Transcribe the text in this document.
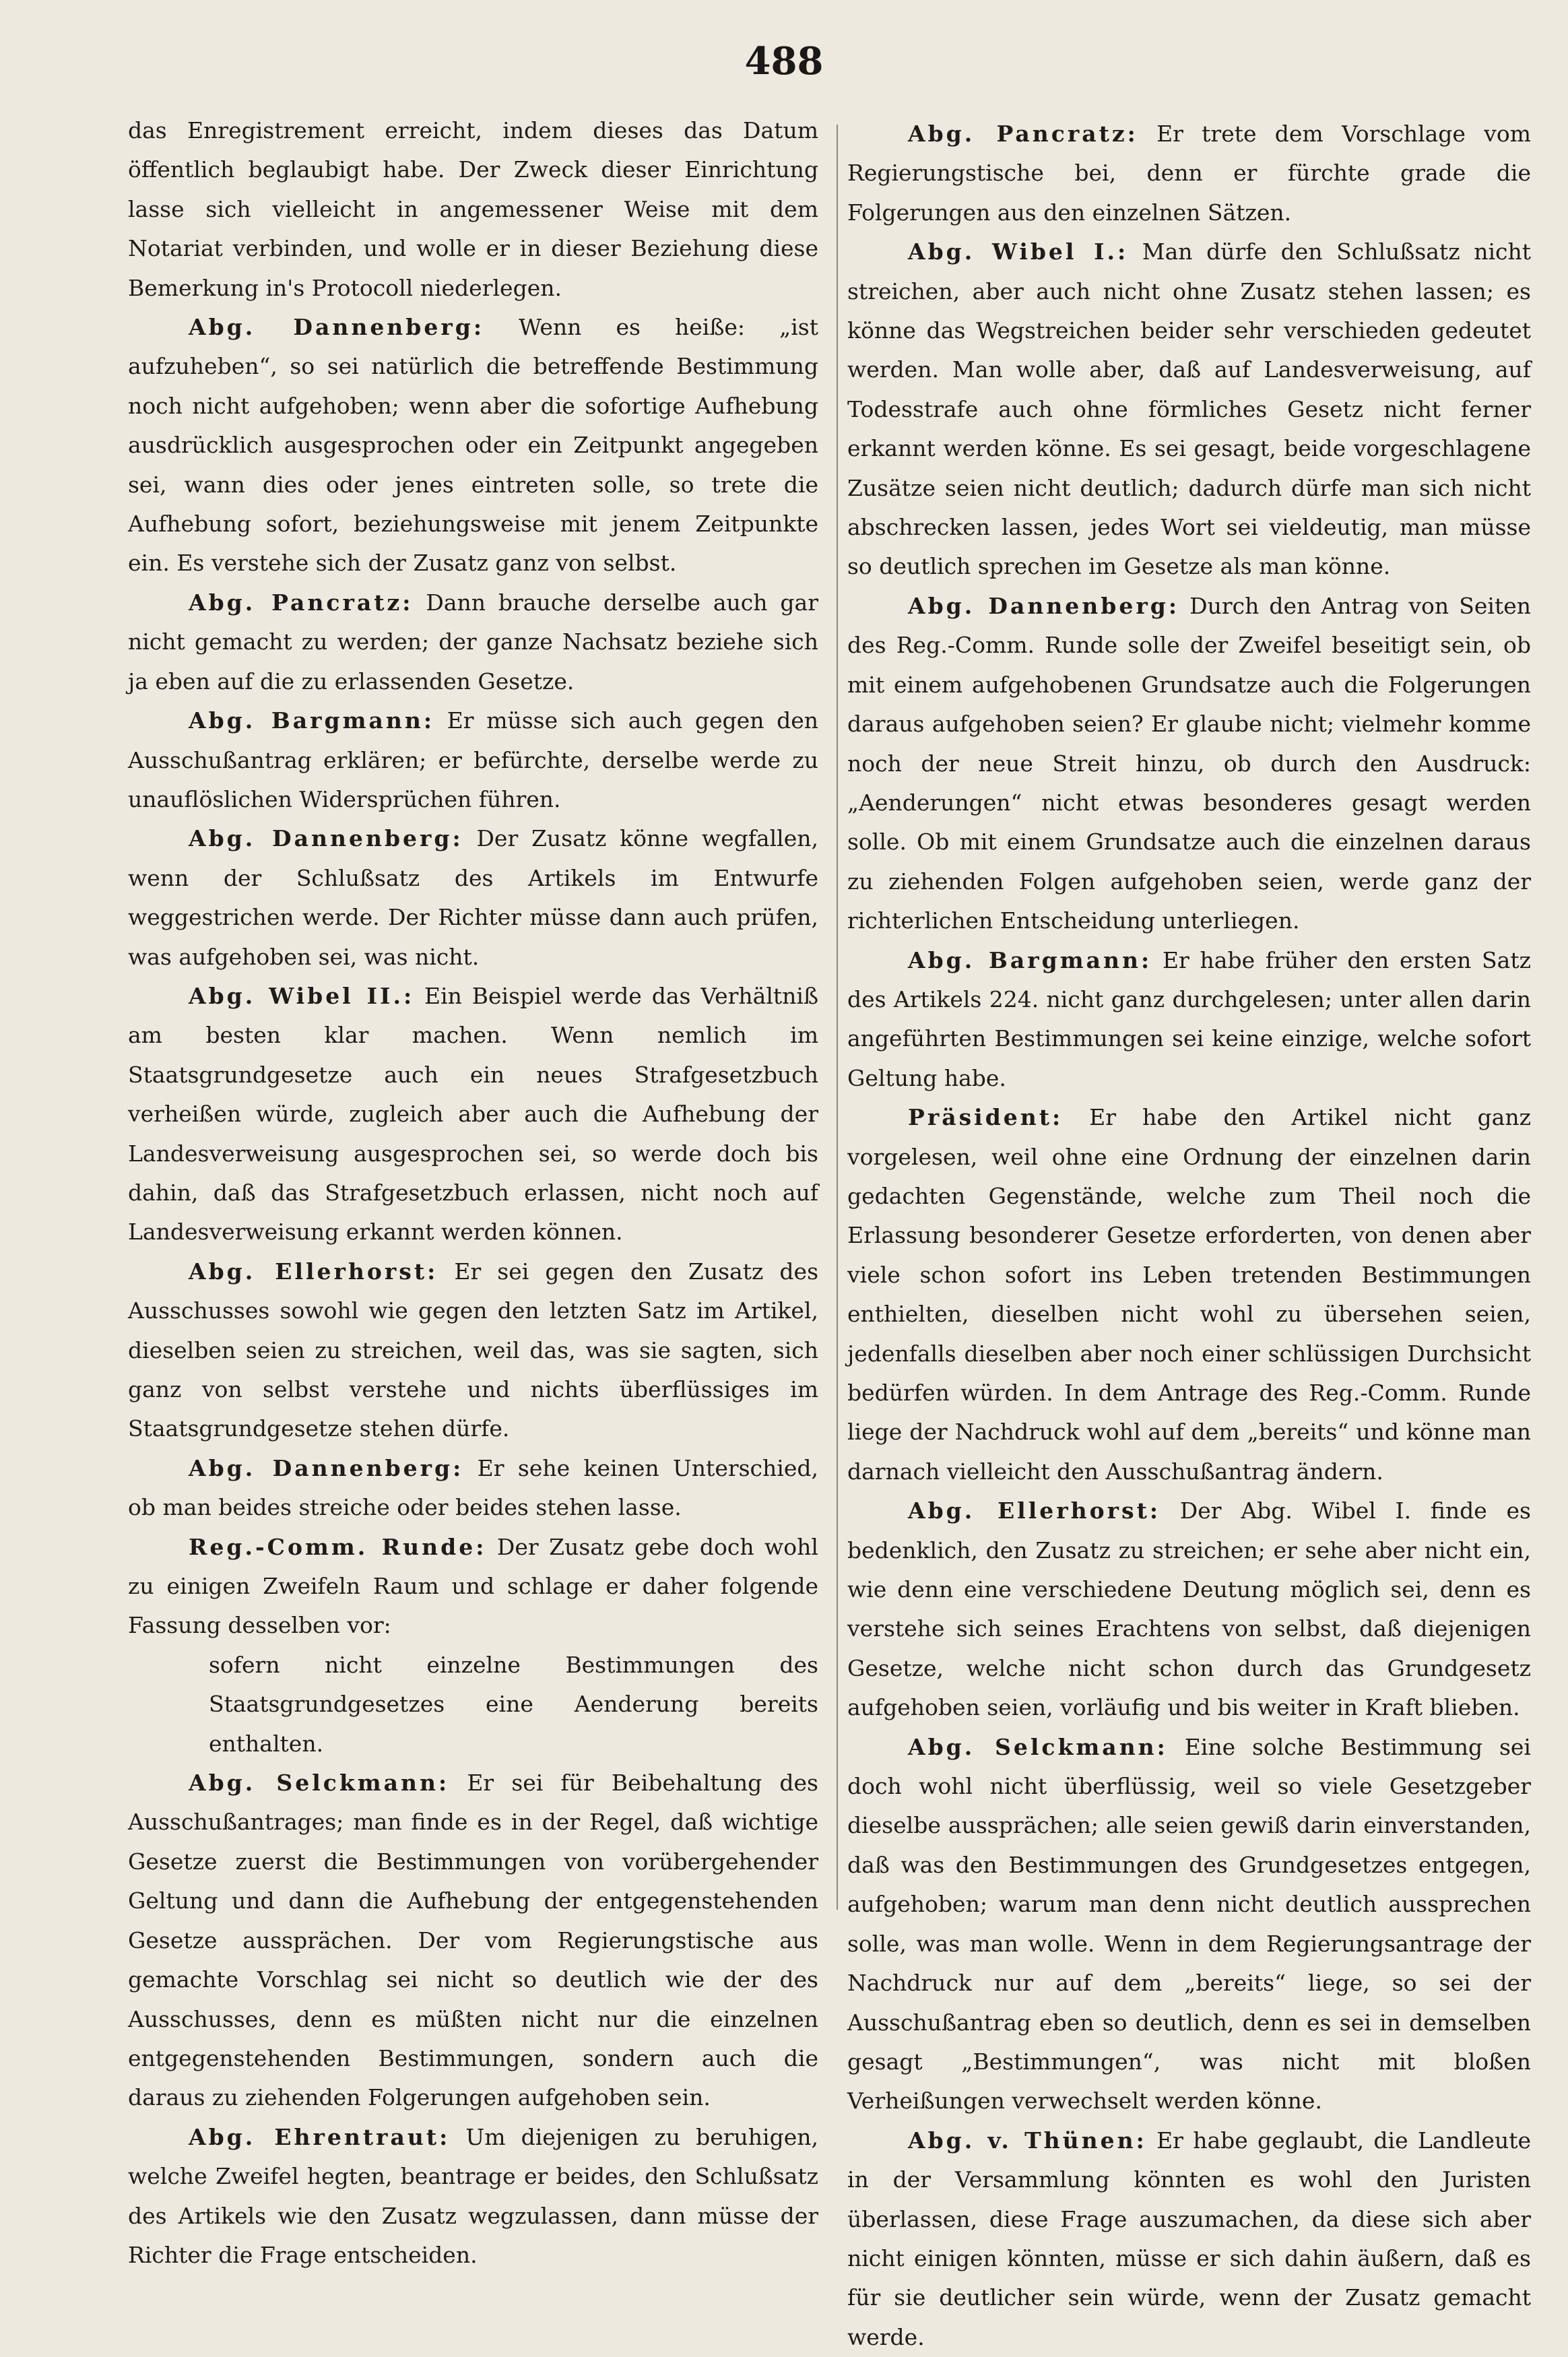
488

das Enregistrement erreicht, indem dieses das Datum öffentlich beglaubigt habe. Der Zweck dieser Einrichtung lasse sich vielleicht in angemessener Weise mit dem Notariat verbinden, und wolle er in dieser Beziehung diese Bemerkung in's Protocoll niederlegen.

Abg. Dannenberg: Wenn es heiße: „ist aufzuheben“, so sei natürlich die betreffende Bestimmung noch nicht aufgehoben; wenn aber die sofortige Aufhebung ausdrücklich ausgesprochen oder ein Zeitpunkt angegeben sei, wann dies oder jenes eintreten solle, so trete die Aufhebung sofort, beziehungsweise mit jenem Zeitpunkte ein. Es verstehe sich der Zusatz ganz von selbst.

Abg. Pancratz: Dann brauche derselbe auch gar nicht gemacht zu werden; der ganze Nachsatz beziehe sich ja eben auf die zu erlassenden Gesetze.

Abg. Bargmann: Er müsse sich auch gegen den Ausschußantrag erklären; er befürchte, derselbe werde zu unauflöslichen Widersprüchen führen.

Abg. Dannenberg: Der Zusatz könne wegfallen, wenn der Schlußsatz des Artikels im Entwurfe weggestrichen werde. Der Richter müsse dann auch prüfen, was aufgehoben sei, was nicht.

Abg. Wibel II.: Ein Beispiel werde das Verhältniß am besten klar machen. Wenn nemlich im Staatsgrundgesetze auch ein neues Strafgesetzbuch verheißen würde, zugleich aber auch die Aufhebung der Landesverweisung ausgesprochen sei, so werde doch bis dahin, daß das Strafgesetzbuch erlassen, nicht noch auf Landesverweisung erkannt werden können.

Abg. Ellerhorst: Er sei gegen den Zusatz des Ausschusses sowohl wie gegen den letzten Satz im Artikel, dieselben seien zu streichen, weil das, was sie sagten, sich ganz von selbst verstehe und nichts überflüssiges im Staatsgrundgesetze stehen dürfe.

Abg. Dannenberg: Er sehe keinen Unterschied, ob man beides streiche oder beides stehen lasse.

Reg.-Comm. Runde: Der Zusatz gebe doch wohl zu einigen Zweifeln Raum und schlage er daher folgende Fassung desselben vor:

sofern nicht einzelne Bestimmungen des Staatsgrundgesetzes eine Aenderung bereits enthalten.

Abg. Selckmann: Er sei für Beibehaltung des Ausschußantrages; man finde es in der Regel, daß wichtige Gesetze zuerst die Bestimmungen von vorübergehender Geltung und dann die Aufhebung der entgegenstehenden Gesetze aussprächen. Der vom Regierungstische aus gemachte Vorschlag sei nicht so deutlich wie der des Ausschusses, denn es müßten nicht nur die einzelnen entgegenstehenden Bestimmungen, sondern auch die daraus zu ziehenden Folgerungen aufgehoben sein.

Abg. Ehrentraut: Um diejenigen zu beruhigen, welche Zweifel hegten, beantrage er beides, den Schlußsatz des Artikels wie den Zusatz wegzulassen, dann müsse der Richter die Frage entscheiden.

Abg. Pancratz: Er trete dem Vorschlage vom Regierungstische bei, denn er fürchte grade die Folgerungen aus den einzelnen Sätzen.

Abg. Wibel I.: Man dürfe den Schlußsatz nicht streichen, aber auch nicht ohne Zusatz stehen lassen; es könne das Wegstreichen beider sehr verschieden gedeutet werden. Man wolle aber, daß auf Landesverweisung, auf Todesstrafe auch ohne förmliches Gesetz nicht ferner erkannt werden könne. Es sei gesagt, beide vorgeschlagene Zusätze seien nicht deutlich; dadurch dürfe man sich nicht abschrecken lassen, jedes Wort sei vieldeutig, man müsse so deutlich sprechen im Gesetze als man könne.

Abg. Dannenberg: Durch den Antrag von Seiten des Reg.-Comm. Runde solle der Zweifel beseitigt sein, ob mit einem aufgehobenen Grundsatze auch die Folgerungen daraus aufgehoben seien? Er glaube nicht; vielmehr komme noch der neue Streit hinzu, ob durch den Ausdruck: „Aenderungen“ nicht etwas besonderes gesagt werden solle. Ob mit einem Grundsatze auch die einzelnen daraus zu ziehenden Folgen aufgehoben seien, werde ganz der richterlichen Entscheidung unterliegen.

Abg. Bargmann: Er habe früher den ersten Satz des Artikels 224. nicht ganz durchgelesen; unter allen darin angeführten Bestimmungen sei keine einzige, welche sofort Geltung habe.

Präsident: Er habe den Artikel nicht ganz vorgelesen, weil ohne eine Ordnung der einzelnen darin gedachten Gegenstände, welche zum Theil noch die Erlassung besonderer Gesetze erforderten, von denen aber viele schon sofort ins Leben tretenden Bestimmungen enthielten, dieselben nicht wohl zu übersehen seien, jedenfalls dieselben aber noch einer schlüssigen Durchsicht bedürfen würden. In dem Antrage des Reg.-Comm. Runde liege der Nachdruck wohl auf dem „bereits“ und könne man darnach vielleicht den Ausschußantrag ändern.

Abg. Ellerhorst: Der Abg. Wibel I. finde es bedenklich, den Zusatz zu streichen; er sehe aber nicht ein, wie denn eine verschiedene Deutung möglich sei, denn es verstehe sich seines Erachtens von selbst, daß diejenigen Gesetze, welche nicht schon durch das Grundgesetz aufgehoben seien, vorläufig und bis weiter in Kraft blieben.

Abg. Selckmann: Eine solche Bestimmung sei doch wohl nicht überflüssig, weil so viele Gesetzgeber dieselbe aussprächen; alle seien gewiß darin einverstanden, daß was den Bestimmungen des Grundgesetzes entgegen, aufgehoben; warum man denn nicht deutlich aussprechen solle, was man wolle. Wenn in dem Regierungsantrage der Nachdruck nur auf dem „bereits“ liege, so sei der Ausschußantrag eben so deutlich, denn es sei in demselben gesagt „Bestimmungen“, was nicht mit bloßen Verheißungen verwechselt werden könne.

Abg. v. Thünen: Er habe geglaubt, die Landleute in der Versammlung könnten es wohl den Juristen überlassen, diese Frage auszumachen, da diese sich aber nicht einigen könnten, müsse er sich dahin äußern, daß es für sie deutlicher sein würde, wenn der Zusatz gemacht werde.
